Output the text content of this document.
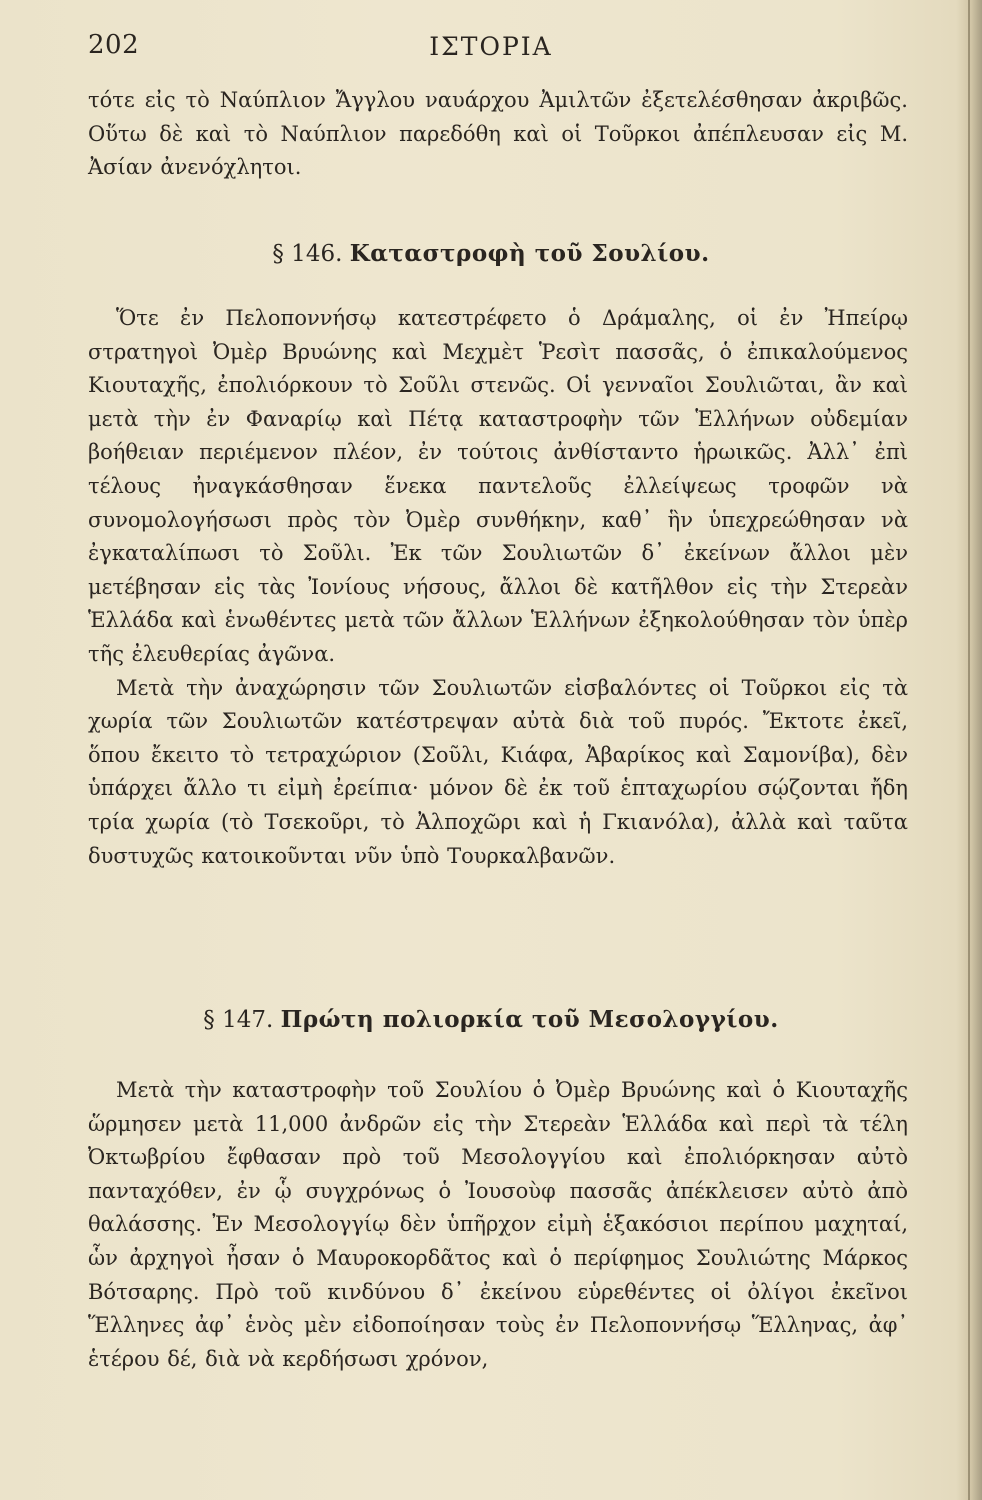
202	ΙΣΤΟΡΙΑ

τότε εἰς τὸ Ναύπλιον Ἄγγλου ναυάρχου Ἀμιλτῶν ἐξετελέσθησαν ἀκριβῶς. Οὕτω δὲ καὶ τὸ Ναύπλιον παρεδόθη καὶ οἱ Τοῦρκοι ἀπέπλευσαν εἰς Μ. Ἀσίαν ἀνενόχλητοι.

§ 146. Καταστροφὴ τοῦ Σουλίου.

Ὅτε ἐν Πελοποννήσῳ κατεστρέφετο ὁ Δράμαλης, οἱ ἐν Ἠπείρῳ στρατηγοὶ Ὀμὲρ Βρυώνης καὶ Μεχμὲτ Ῥεσὶτ πασσᾶς, ὁ ἐπικαλούμενος Κιουταχῆς, ἐπολιόρκουν τὸ Σοῦλι στενῶς. Οἱ γενναῖοι Σουλιῶται, ἂν καὶ μετὰ τὴν ἐν Φαναρίῳ καὶ Πέτᾳ καταστροφὴν τῶν Ἑλλήνων οὐδεμίαν βοήθειαν περιέμενον πλέον, ἐν τούτοις ἀνθίσταντο ἡρωικῶς. Ἀλλ᾽ ἐπὶ τέλους ἠναγκάσθησαν ἕνεκα παντελοῦς ἐλλείψεως τροφῶν νὰ συνομολογήσωσι πρὸς τὸν Ὀμὲρ συνθήκην, καθ᾽ ἣν ὑπεχρεώθησαν νὰ ἐγκαταλίπωσι τὸ Σοῦλι. Ἐκ τῶν Σουλιωτῶν δ᾽ ἐκείνων ἄλλοι μὲν μετέβησαν εἰς τὰς Ἰονίους νήσους, ἄλλοι δὲ κατῆλθον εἰς τὴν Στερεὰν Ἑλλάδα καὶ ἑνωθέντες μετὰ τῶν ἄλλων Ἑλλήνων ἐξηκολούθησαν τὸν ὑπὲρ τῆς ἐλευθερίας ἀγῶνα.

Μετὰ τὴν ἀναχώρησιν τῶν Σουλιωτῶν εἰσβαλόντες οἱ Τοῦρκοι εἰς τὰ χωρία τῶν Σουλιωτῶν κατέστρεψαν αὐτὰ διὰ τοῦ πυρός. Ἔκτοτε ἐκεῖ, ὅπου ἔκειτο τὸ τετραχώριον (Σοῦλι, Κιάφα, Ἀβαρίκος καὶ Σαμονίβα), δὲν ὑπάρχει ἄλλο τι εἰμὴ ἐρείπια· μόνον δὲ ἐκ τοῦ ἑπταχωρίου σῴζονται ἤδη τρία χωρία (τὸ Τσεκοῦρι, τὸ Ἀλποχῶρι καὶ ἡ Γκιανόλα), ἀλλὰ καὶ ταῦτα δυστυχῶς κατοικοῦνται νῦν ὑπὸ Τουρκαλβανῶν.

§ 147. Πρώτη πολιορκία τοῦ Μεσολογγίου.

Μετὰ τὴν καταστροφὴν τοῦ Σουλίου ὁ Ὀμὲρ Βρυώνης καὶ ὁ Κιουταχῆς ὥρμησεν μετὰ 11,000 ἀνδρῶν εἰς τὴν Στερεὰν Ἑλλάδα καὶ περὶ τὰ τέλη Ὀκτωβρίου ἔφθασαν πρὸ τοῦ Μεσολογγίου καὶ ἐπολιόρκησαν αὐτὸ πανταχόθεν, ἐν ᾧ συγχρόνως ὁ Ἰουσοὺφ πασσᾶς ἀπέκλεισεν αὐτὸ ἀπὸ θαλάσσης. Ἐν Μεσολογγίῳ δὲν ὑπῆρχον εἰμὴ ἑξακόσιοι περίπου μαχηταί, ὧν ἀρχηγοὶ ἦσαν ὁ Μαυροκορδᾶτος καὶ ὁ περίφημος Σουλιώτης Μάρκος Βότσαρης. Πρὸ τοῦ κινδύνου δ᾽ ἐκείνου εὑρεθέντες οἱ ὀλίγοι ἐκεῖνοι Ἕλληνες ἀφ᾽ ἑνὸς μὲν εἰδοποίησαν τοὺς ἐν Πελοποννήσῳ Ἕλληνας, ἀφ᾽ ἑτέρου δέ, διὰ νὰ κερδήσωσι χρόνον,
